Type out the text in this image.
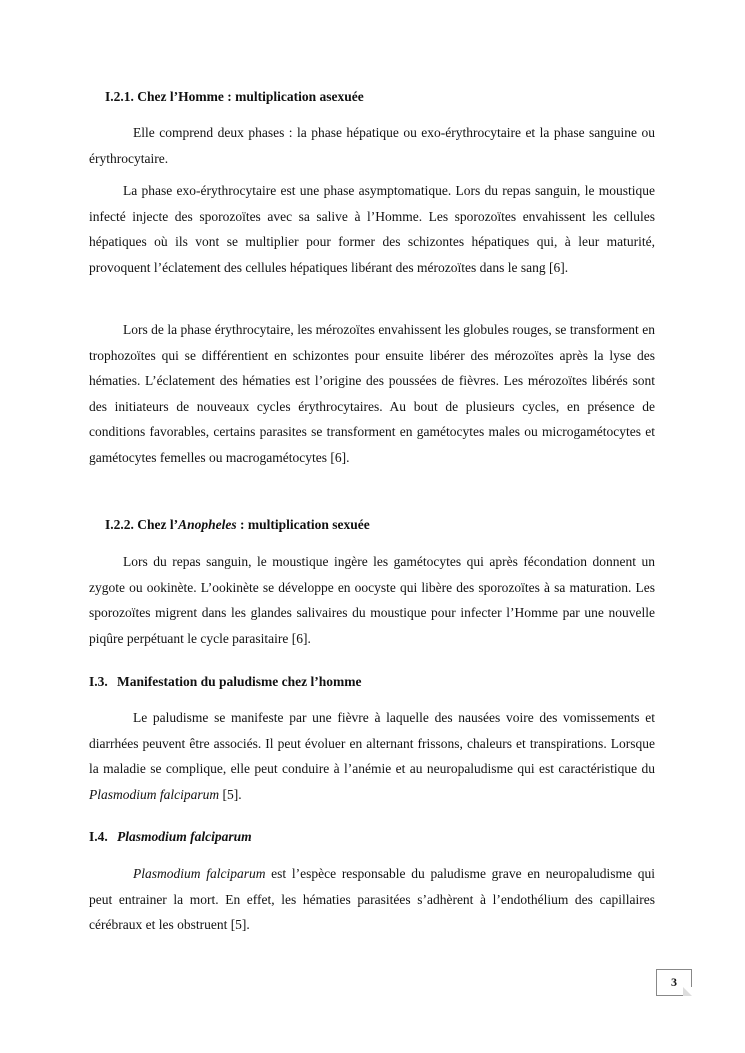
I.2.1. Chez l’Homme : multiplication asexuée

Elle comprend deux phases : la phase hépatique ou exo-érythrocytaire et la phase sanguine ou érythrocytaire.

La phase exo-érythrocytaire est une phase asymptomatique. Lors du repas sanguin, le moustique infecté injecte des sporozoïtes avec sa salive à l’Homme. Les sporozoïtes envahissent les cellules hépatiques où ils vont se multiplier pour former des schizontes hépatiques qui, à leur maturité, provoquent l’éclatement des cellules hépatiques libérant des mérozoïtes dans le sang [6].

Lors de la phase érythrocytaire, les mérozoïtes envahissent les globules rouges, se transforment en trophozoïtes qui se différentient en schizontes pour ensuite libérer des mérozoïtes après la lyse des hématies. L’éclatement des hématies est l’origine des poussées de fièvres. Les mérozoïtes libérés sont des initiateurs de nouveaux cycles érythrocytaires. Au bout de plusieurs cycles, en présence de conditions favorables, certains parasites se transforment en gamétocytes males ou microgamétocytes et gamétocytes femelles ou macrogamétocytes [6].

I.2.2. Chez l’Anopheles : multiplication sexuée

Lors du repas sanguin, le moustique ingère les gamétocytes qui après fécondation donnent un zygote ou ookinète. L’ookinète se développe en oocyste qui libère des sporozoïtes à sa maturation. Les sporozoïtes migrent dans les glandes salivaires du moustique pour infecter l’Homme par une nouvelle piqûre perpétuant le cycle parasitaire [6].

I.3. Manifestation du paludisme chez l’homme

Le paludisme se manifeste par une fièvre à laquelle des nausées voire des vomissements et diarrhées peuvent être associés. Il peut évoluer en alternant frissons, chaleurs et transpirations. Lorsque la maladie se complique, elle peut conduire à l’anémie et au neuropaludisme qui est caractéristique du Plasmodium falciparum [5].

I.4. Plasmodium falciparum

Plasmodium falciparum est l’espèce responsable du paludisme grave en neuropaludisme qui peut entrainer la mort. En effet, les hématies parasitées s’adhèrent à l’endothélium des capillaires cérébraux et les obstruent [5].

3
